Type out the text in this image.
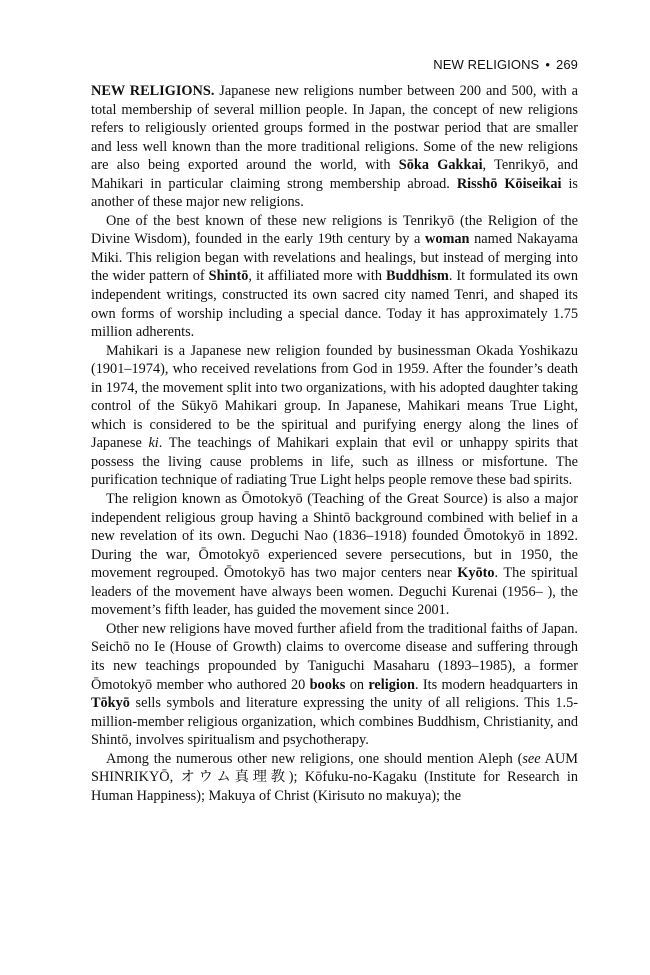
NEW RELIGIONS • 269

NEW RELIGIONS. Japanese new religions number between 200 and 500, with a total membership of several million people. In Japan, the concept of new religions refers to religiously oriented groups formed in the postwar period that are smaller and less well known than the more traditional religions. Some of the new religions are also being exported around the world, with Sōka Gakkai, Tenrikyō, and Mahikari in particular claiming strong membership abroad. Risshō Kōiseikai is another of these major new religions.

One of the best known of these new religions is Tenrikyō (the Religion of the Divine Wisdom), founded in the early 19th century by a woman named Nakayama Miki. This religion began with revelations and healings, but instead of merging into the wider pattern of Shintō, it affiliated more with Buddhism. It formulated its own independent writings, constructed its own sacred city named Tenri, and shaped its own forms of worship including a special dance. Today it has approximately 1.75 million adherents.

Mahikari is a Japanese new religion founded by businessman Okada Yoshikazu (1901–1974), who received revelations from God in 1959. After the founder’s death in 1974, the movement split into two organizations, with his adopted daughter taking control of the Sūkyō Mahikari group. In Japanese, Mahikari means True Light, which is considered to be the spiritual and purifying energy along the lines of Japanese ki. The teachings of Mahikari explain that evil or unhappy spirits that possess the living cause problems in life, such as illness or misfortune. The purification technique of radiating True Light helps people remove these bad spirits.

The religion known as Ōmotokyō (Teaching of the Great Source) is also a major independent religious group having a Shintō background combined with belief in a new revelation of its own. Deguchi Nao (1836–1918) founded Ōmotokyō in 1892. During the war, Ōmotokyō experienced severe persecutions, but in 1950, the movement regrouped. Ōmotokyō has two major centers near Kyōto. The spiritual leaders of the movement have always been women. Deguchi Kurenai (1956– ), the movement’s fifth leader, has guided the movement since 2001.

Other new religions have moved further afield from the traditional faiths of Japan. Seichō no Ie (House of Growth) claims to overcome disease and suffering through its new teachings propounded by Taniguchi Masaharu (1893–1985), a former Ōmotokyō member who authored 20 books on religion. Its modern headquarters in Tōkyō sells symbols and literature expressing the unity of all religions. This 1.5-million-member religious organization, which combines Buddhism, Christianity, and Shintō, involves spiritualism and psychotherapy.

Among the numerous other new religions, one should mention Aleph (see AUM SHINRIKYŌ, オウム真理教); Kōfuku-no-Kagaku (Institute for Research in Human Happiness); Makuya of Christ (Kirisuto no makuya); the
